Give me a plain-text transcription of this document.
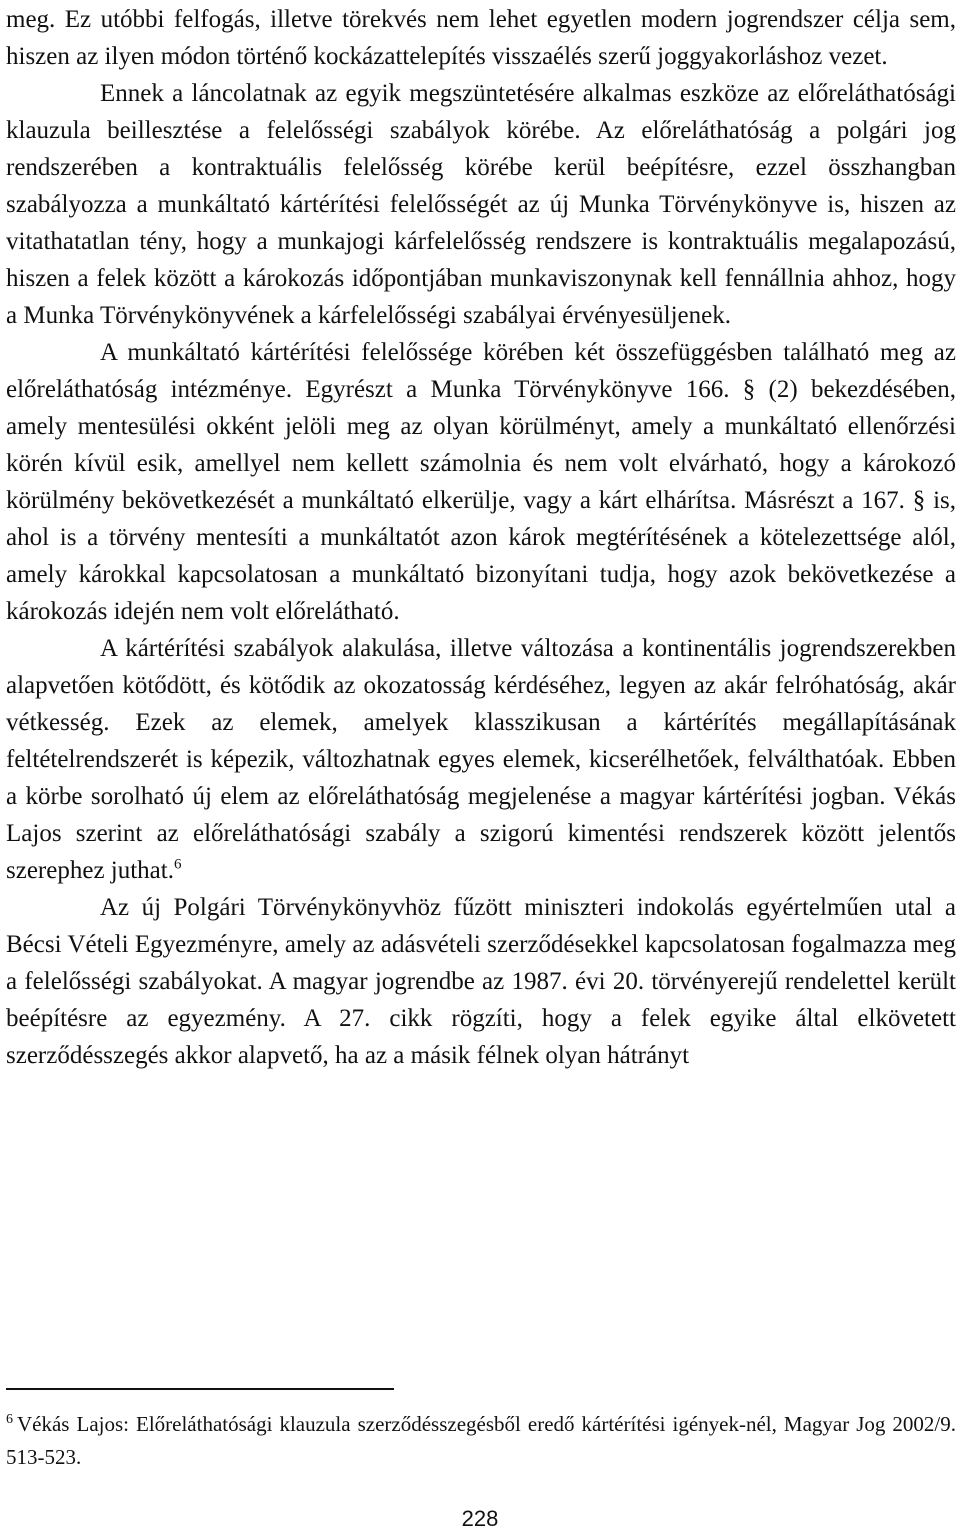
meg. Ez utóbbi felfogás, illetve törekvés nem lehet egyetlen modern jogrendszer célja sem, hiszen az ilyen módon történő kockázattelepítés visszaélés szerű joggyakorláshoz vezet.

Ennek a láncolatnak az egyik megszüntetésére alkalmas eszköze az előreláthatósági klauzula beillesztése a felelősségi szabályok körébe. Az előreláthatóság a polgári jog rendszerében a kontraktuális felelősség körébe kerül beépítésre, ezzel összhangban szabályozza a munkáltató kártérítési felelősségét az új Munka Törvénykönyve is, hiszen az vitathatatlan tény, hogy a munkajogi kárfelelősség rendszere is kontraktuális megalapozású, hiszen a felek között a károkozás időpontjában munkaviszonynak kell fennállnia ahhoz, hogy a Munka Törvénykönyvének a kárfelelősségi szabályai érvényesüljenek.

A munkáltató kártérítési felelőssége körében két összefüggésben található meg az előreláthatóság intézménye. Egyrészt a Munka Törvénykönyve 166. § (2) bekezdésében, amely mentesülési okként jelöli meg az olyan körülményt, amely a munkáltató ellenőrzési körén kívül esik, amellyel nem kellett számolnia és nem volt elvárható, hogy a károkozó körülmény bekövetkezését a munkáltató elkerülje, vagy a kárt elhárítsa. Másrészt a 167. § is, ahol is a törvény mentesíti a munkáltatót azon károk megtérítésének a kötelezettsége alól, amely károkkal kapcsolatosan a munkáltató bizonyítani tudja, hogy azok bekövetkezése a károkozás idején nem volt előrelátható.

A kártérítési szabályok alakulása, illetve változása a kontinentális jogrendszerekben alapvetően kötődött, és kötődik az okozatosság kérdéséhez, legyen az akár felróhatóság, akár vétkesség. Ezek az elemek, amelyek klasszikusan a kártérítés megállapításának feltételrendszerét is képezik, változhatnak egyes elemek, kicserélhetőek, felválthatóak. Ebben a körbe sorolható új elem az előreláthatóság megjelenése a magyar kártérítési jogban. Vékás Lajos szerint az előreláthatósági szabály a szigorú kimentési rendszerek között jelentős szerephez juthat.$^6$

Az új Polgári Törvénykönyvhöz fűzött miniszteri indokolás egyértelműen utal a Bécsi Vételi Egyezményre, amely az adásvételi szerződésekkel kapcsolatosan fogalmazza meg a felelősségi szabályokat. A magyar jogrendbe az 1987. évi 20. törvényerejű rendelettel került beépítésre az egyezmény. A 27. cikk rögzíti, hogy a felek egyike által elkövetett szerződésszegés akkor alapvető, ha az a másik félnek olyan hátrányt

$^6$ Vékás Lajos: Előreláthatósági klauzula szerződésszegésből eredő kártérítési igények-nél, Magyar Jog 2002/9. 513-523.
228
